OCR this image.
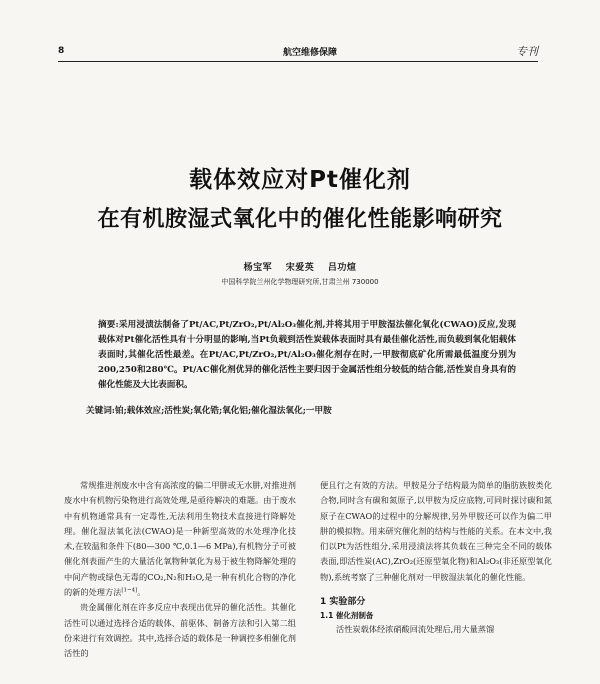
8	航空维修保障	专刊
载体效应对Pt催化剂
在有机胺湿式氧化中的催化性能影响研究
杨宝军 宋爱英 吕功煊
中国科学院兰州化学物理研究所,甘肃兰州 730000
摘要:采用浸渍法制备了Pt/AC,Pt/ZrO₂,Pt/Al₂O₃催化剂,并将其用于甲胺湿法催化氧化(CWAO)反应,发现载体对Pt催化活性具有十分明显的影响,当Pt负载到活性炭载体表面时具有最佳催化活性,而负载到氧化铝载体表面时,其催化活性最差。在Pt/AC,Pt/ZrO₂,Pt/Al₂O₃催化剂存在时,一甲胺彻底矿化所需最低温度分别为200,250和280℃。Pt/AC催化剂优异的催化活性主要归因于金属活性组分较低的结合能,活性炭自身具有的催化性能及大比表面积。
关键词:铂;载体效应;活性炭;氧化锆;氧化铝;催化湿法氧化;一甲胺

常规推进剂废水中含有高浓度的偏二甲肼或无水肼,对推进剂废水中有机物污染物进行高效处理,是亟待解决的难题。由于废水中有机物通常具有一定毒性,无法利用生物技术直接进行降解处理。催化湿法氧化法(CWAO)是一种新型高效的水处理净化技术,在较温和条件下(80—300 ℃,0.1—6 MPa),有机物分子可被催化剂表面产生的大量活化氧物种氧化为易于被生物降解处理的中间产物或绿色无毒的CO₂,N₂和H₂O,是一种有机化合物的净化的新的处理方法[1~4]。

贵金属催化剂在许多反应中表现出优异的催化活性。其催化活性可以通过选择合适的载体、前驱体、制备方法和引入第二组份来进行有效调控。其中,选择合适的载体是一种调控多相催化剂活性的

便且行之有效的方法。甲胺是分子结构最为简单的脂肪族胺类化合物,同时含有碳和氮原子,以甲胺为反应底物,可同时探讨碳和氮原子在CWAO的过程中的分解规律,另外甲胺还可以作为偏二甲肼的模拟物。用来研究催化剂的结构与性能的关系。在本文中,我们以Pt为活性组分,采用浸渍法将其负载在三种完全不同的载体表面,即活性炭(AC),ZrO₂(还原型氧化物)和Al₂O₃(非还原型氧化物),系统考察了三种催化剂对一甲胺湿法氧化的催化性能。

1 实验部分
1.1 催化剂制备

活性炭载体经浓硝酸回流处理后,用大量蒸馏
